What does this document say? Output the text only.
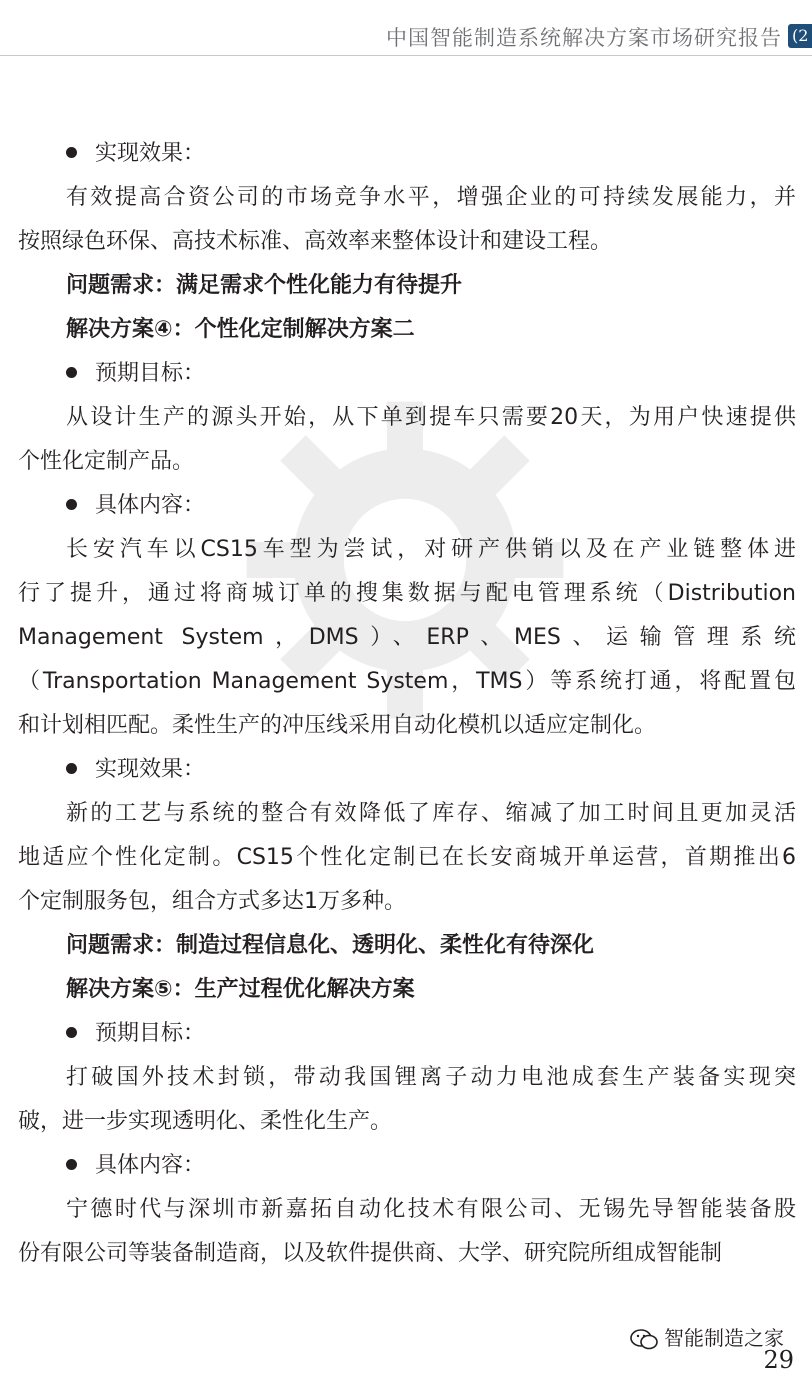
中国智能制造系统解决方案市场研究报告 (2
实现效果：
有效提高合资公司的市场竞争水平，增强企业的可持续发展能力，并
按照绿色环保、高技术标准、高效率来整体设计和建设工程。
问题需求：满足需求个性化能力有待提升
解决方案④：个性化定制解决方案二
预期目标：
从设计生产的源头开始，从下单到提车只需要20天，为用户快速提供
个性化定制产品。
具体内容：
长安汽车以CS15车型为尝试，对研产供销以及在产业链整体进
行了提升，通过将商城订单的搜集数据与配电管理系统（Distribution
Management System，DMS）、ERP、MES、运输管理系统
（Transportation Management System，TMS）等系统打通，将配置包
和计划相匹配。柔性生产的冲压线采用自动化模机以适应定制化。
实现效果：
新的工艺与系统的整合有效降低了库存、缩减了加工时间且更加灵活
地适应个性化定制。CS15个性化定制已在长安商城开单运营，首期推出6
个定制服务包，组合方式多达1万多种。
问题需求：制造过程信息化、透明化、柔性化有待深化
解决方案⑤：生产过程优化解决方案
预期目标：
打破国外技术封锁，带动我国锂离子动力电池成套生产装备实现突
破，进一步实现透明化、柔性化生产。
具体内容：
宁德时代与深圳市新嘉拓自动化技术有限公司、无锡先导智能装备股
份有限公司等装备制造商，以及软件提供商、大学、研究院所组成智能制
智能制造之家
29
